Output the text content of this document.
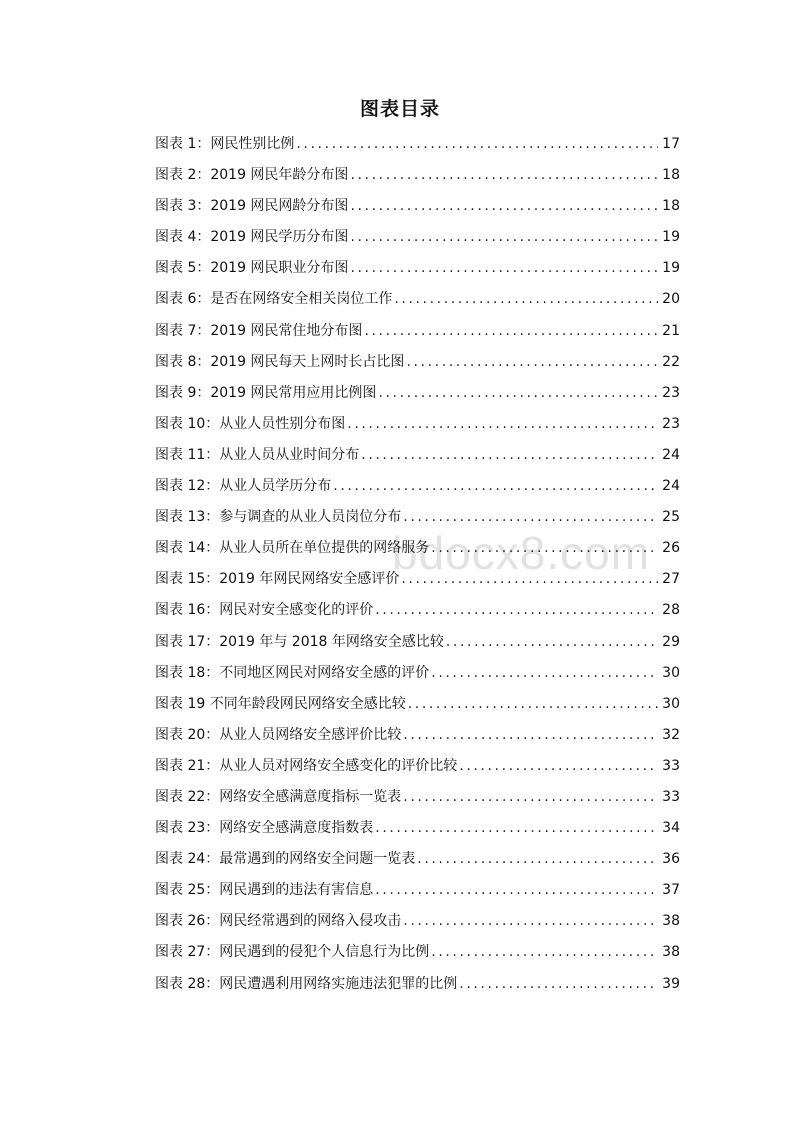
bdocx8.com
图表目录
图表 1：网民性别比例 .....	17
图表 2：2019 网民年龄分布图 .....	18
图表 3：2019 网民网龄分布图 .....	18
图表 4：2019 网民学历分布图 .....	19
图表 5：2019 网民职业分布图 .....	19
图表 6：是否在网络安全相关岗位工作 .....	20
图表 7：2019 网民常住地分布图 .....	21
图表 8：2019 网民每天上网时长占比图 .....	22
图表 9：2019 网民常用应用比例图 .....	23
图表 10：从业人员性别分布图 .....	23
图表 11：从业人员从业时间分布 .....	24
图表 12：从业人员学历分布 .....	24
图表 13：参与调查的从业人员岗位分布 .....	25
图表 14：从业人员所在单位提供的网络服务 .....	26
图表 15：2019 年网民网络安全感评价 .....	27
图表 16：网民对安全感变化的评价 .....	28
图表 17：2019 年与 2018 年网络安全感比较 .....	29
图表 18：不同地区网民对网络安全感的评价 .....	30
图表 19 不同年龄段网民网络安全感比较 .....	30
图表 20：从业人员网络安全感评价比较 .....	32
图表 21：从业人员对网络安全感变化的评价比较 .....	33
图表 22：网络安全感满意度指标一览表 .....	33
图表 23：网络安全感满意度指数表 .....	34
图表 24：最常遇到的网络安全问题一览表 .....	36
图表 25：网民遇到的违法有害信息 .....	37
图表 26：网民经常遇到的网络入侵攻击 .....	38
图表 27：网民遇到的侵犯个人信息行为比例 .....	38
图表 28：网民遭遇利用网络实施违法犯罪的比例 .....	39
